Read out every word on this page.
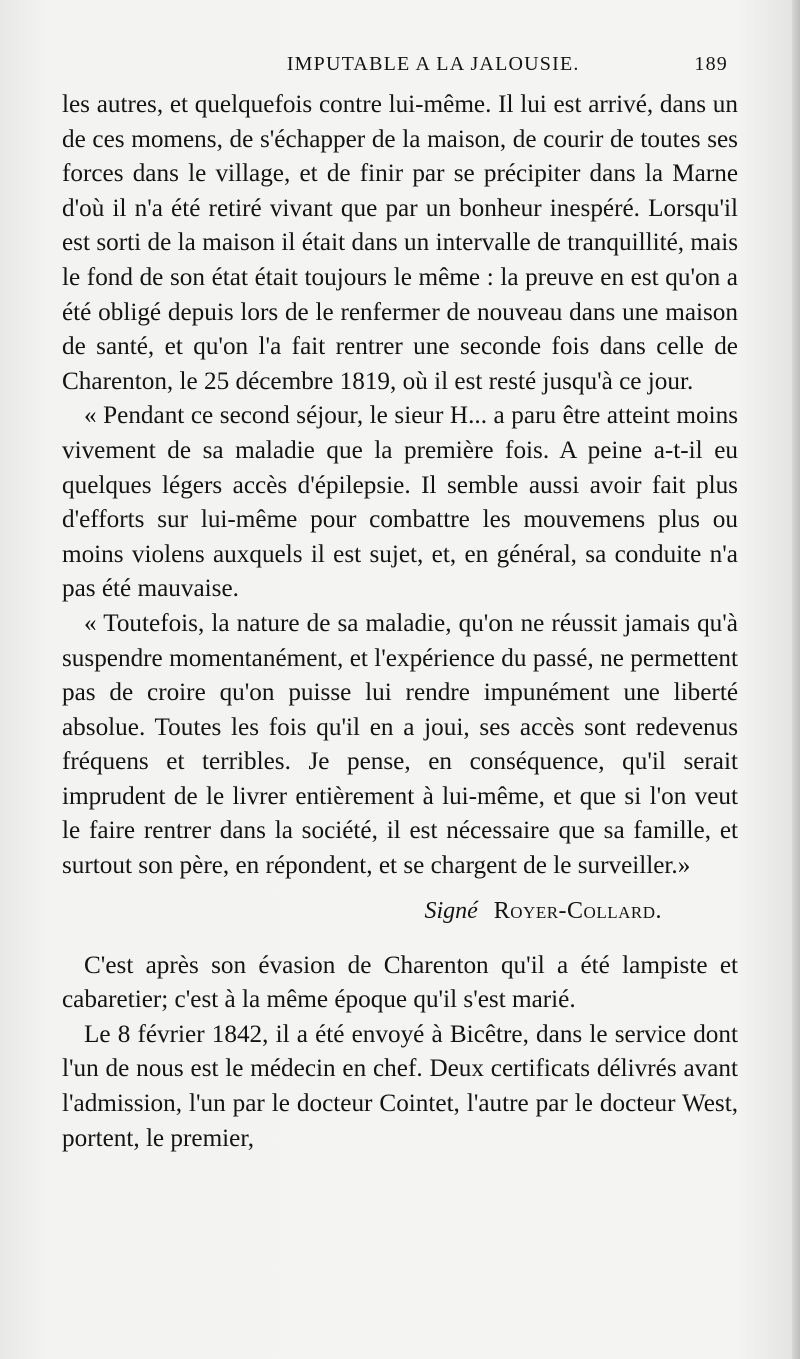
IMPUTABLE A LA JALOUSIE.	189

les autres, et quelquefois contre lui-même. Il lui est arrivé, dans un de ces momens, de s'échapper de la maison, de courir de toutes ses forces dans le village, et de finir par se précipiter dans la Marne d'où il n'a été retiré vivant que par un bonheur inespéré. Lorsqu'il est sorti de la maison il était dans un intervalle de tranquillité, mais le fond de son état était toujours le même : la preuve en est qu'on a été obligé depuis lors de le renfermer de nouveau dans une maison de santé, et qu'on l'a fait rentrer une seconde fois dans celle de Charenton, le 25 décembre 1819, où il est resté jusqu'à ce jour.

« Pendant ce second séjour, le sieur H... a paru être atteint moins vivement de sa maladie que la première fois. A peine a-t-il eu quelques légers accès d'épilepsie. Il semble aussi avoir fait plus d'efforts sur lui-même pour combattre les mouvemens plus ou moins violens auxquels il est sujet, et, en général, sa conduite n'a pas été mauvaise.

« Toutefois, la nature de sa maladie, qu'on ne réussit jamais qu'à suspendre momentanément, et l'expérience du passé, ne permettent pas de croire qu'on puisse lui rendre impunément une liberté absolue. Toutes les fois qu'il en a joui, ses accès sont redevenus fréquens et terribles. Je pense, en conséquence, qu'il serait imprudent de le livrer entièrement à lui-même, et que si l'on veut le faire rentrer dans la société, il est nécessaire que sa famille, et surtout son père, en répondent, et se chargent de le surveiller.»

Signé Royer-Collard.

C'est après son évasion de Charenton qu'il a été lampiste et cabaretier; c'est à la même époque qu'il s'est marié.

Le 8 février 1842, il a été envoyé à Bicêtre, dans le service dont l'un de nous est le médecin en chef. Deux certificats délivrés avant l'admission, l'un par le docteur Cointet, l'autre par le docteur West, portent, le premier,
